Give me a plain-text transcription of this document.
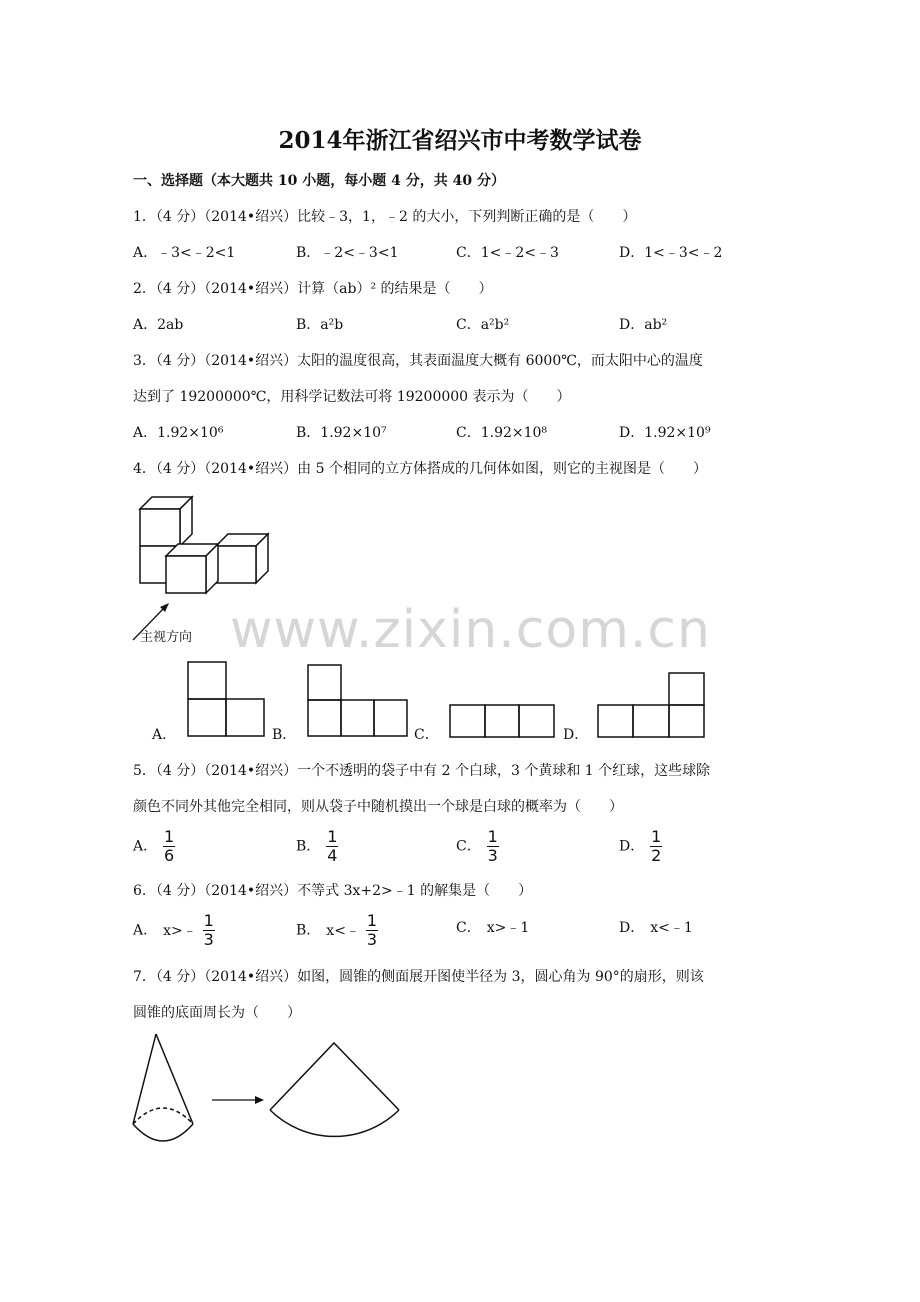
2014年浙江省绍兴市中考数学试卷
一、选择题（本大题共 10 小题，每小题 4 分，共 40 分）
www.zixin.com.cn
1．（4 分）（2014•绍兴）比较﹣3，1，﹣2 的大小，下列判断正确的是（　　）
A．﹣3<﹣2<1	B．﹣2<﹣3<1	C．1<﹣2<﹣3	D．1<﹣3<﹣2
2．（4 分）（2014•绍兴）计算（ab）² 的结果是（　　）
A．2ab	B．a²b	C．a²b²	D．ab²
3．（4 分）（2014•绍兴）太阳的温度很高，其表面温度大概有 6000℃，而太阳中心的温度
达到了 19200000℃，用科学记数法可将 19200000 表示为（　　）
A．1.92×10⁶	B．1.92×10⁷	C．1.92×10⁸	D．1.92×10⁹
4．（4 分）（2014•绍兴）由 5 个相同的立方体搭成的几何体如图，则它的主视图是（　　）
主视方向
A．	B．	C．	D．
5．（4 分）（2014•绍兴）一个不透明的袋子中有 2 个白球，3 个黄球和 1 个红球，这些球除
颜色不同外其他完全相同，则从袋子中随机摸出一个球是白球的概率为（　　）
A． $\frac{1}{6}$	B． $\frac{1}{4}$	C． $\frac{1}{3}$	D． $\frac{1}{2}$
6．（4 分）（2014•绍兴）不等式 3x+2>﹣1 的解集是（　　）
A． x>﹣ $\frac{1}{3}$	B． x<﹣ $\frac{1}{3}$	C． x>﹣1	D． x<﹣1
7．（4 分）（2014•绍兴）如图，圆锥的侧面展开图使半径为 3，圆心角为 90°的扇形，则该
圆锥的底面周长为（　　）
